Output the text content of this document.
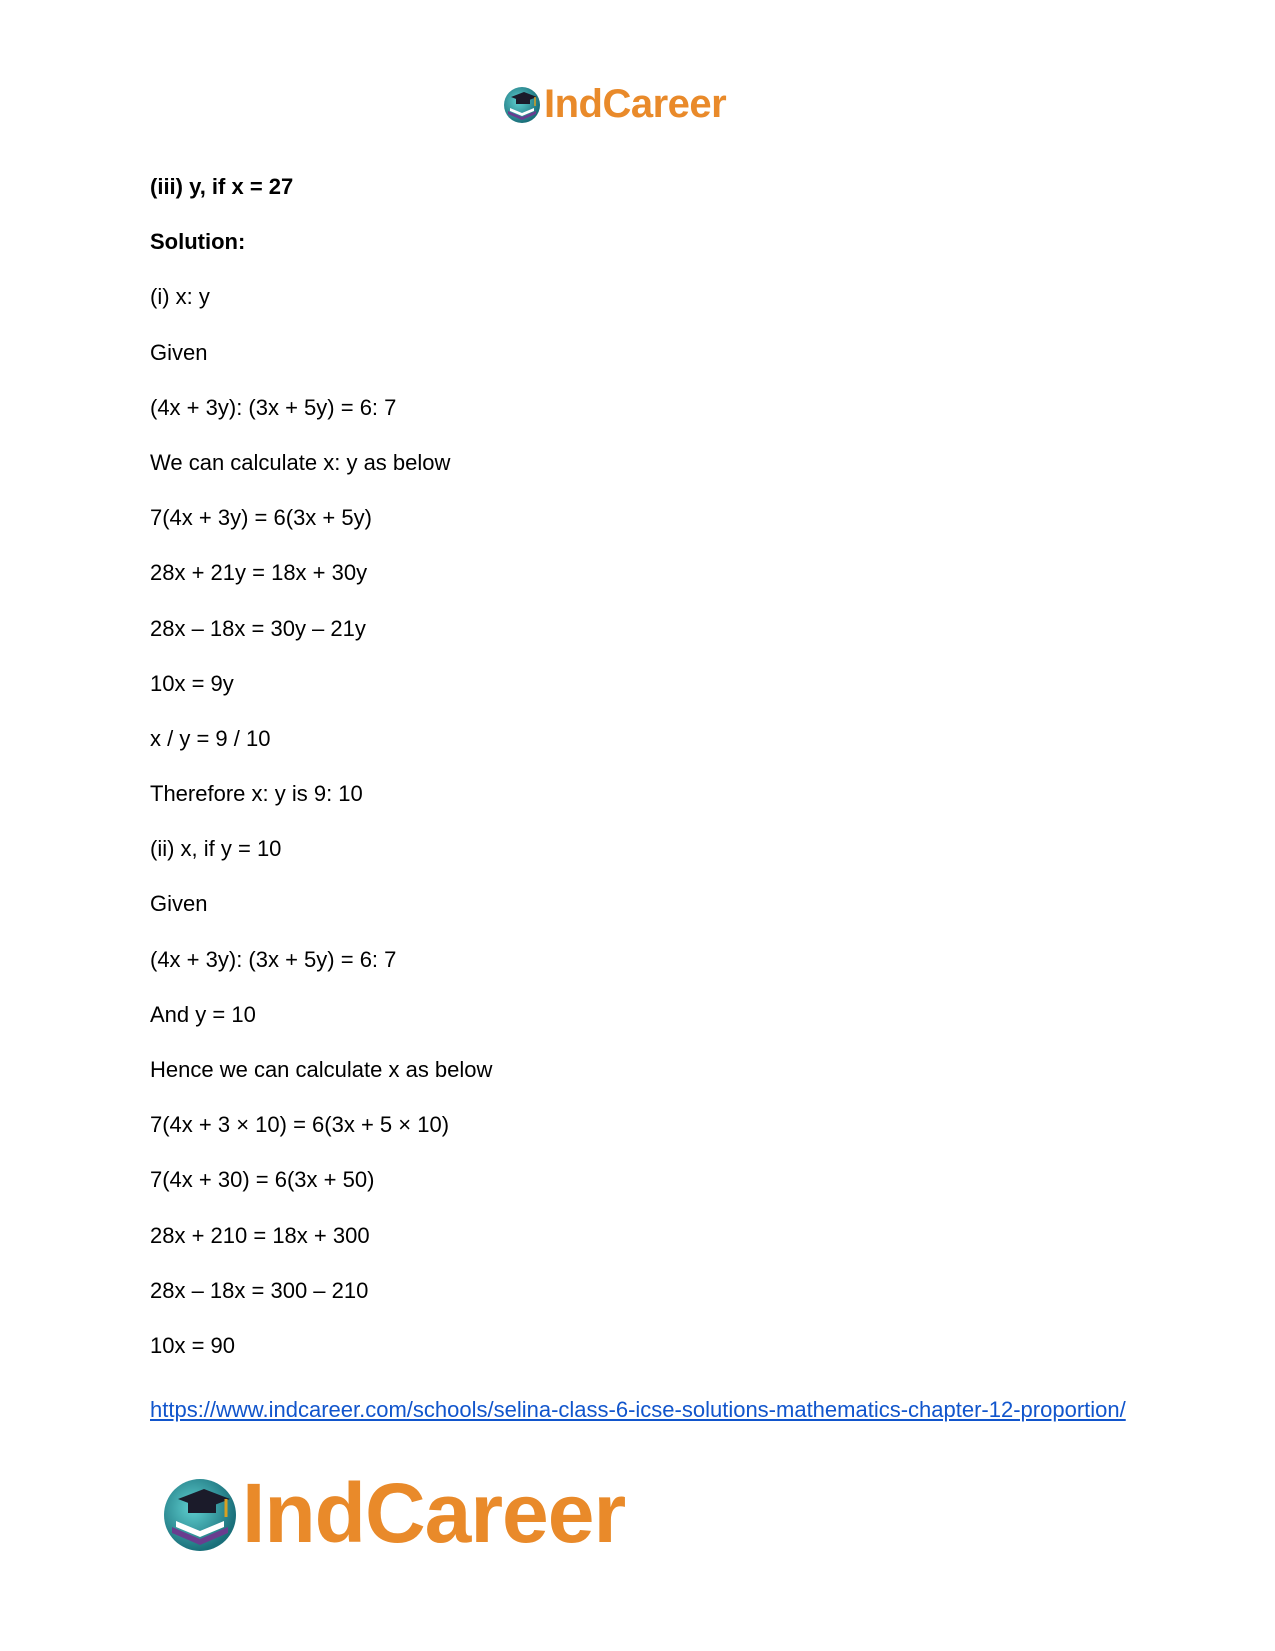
IndCareer
(iii) y, if x = 27
Solution:
(i) x: y
Given
(4x + 3y): (3x + 5y) = 6: 7
We can calculate x: y as below
7(4x + 3y) = 6(3x + 5y)
28x + 21y = 18x + 30y
28x – 18x = 30y – 21y
10x = 9y
x / y = 9 / 10
Therefore x: y is 9: 10
(ii) x, if y = 10
Given
(4x + 3y): (3x + 5y) = 6: 7
And y = 10
Hence we can calculate x as below
7(4x + 3 × 10) = 6(3x + 5 × 10)
7(4x + 30) = 6(3x + 50)
28x + 210 = 18x + 300
28x – 18x = 300 – 210
10x = 90
https://www.indcareer.com/schools/selina-class-6-icse-solutions-mathematics-chapter-12-proportion/
IndCareer
